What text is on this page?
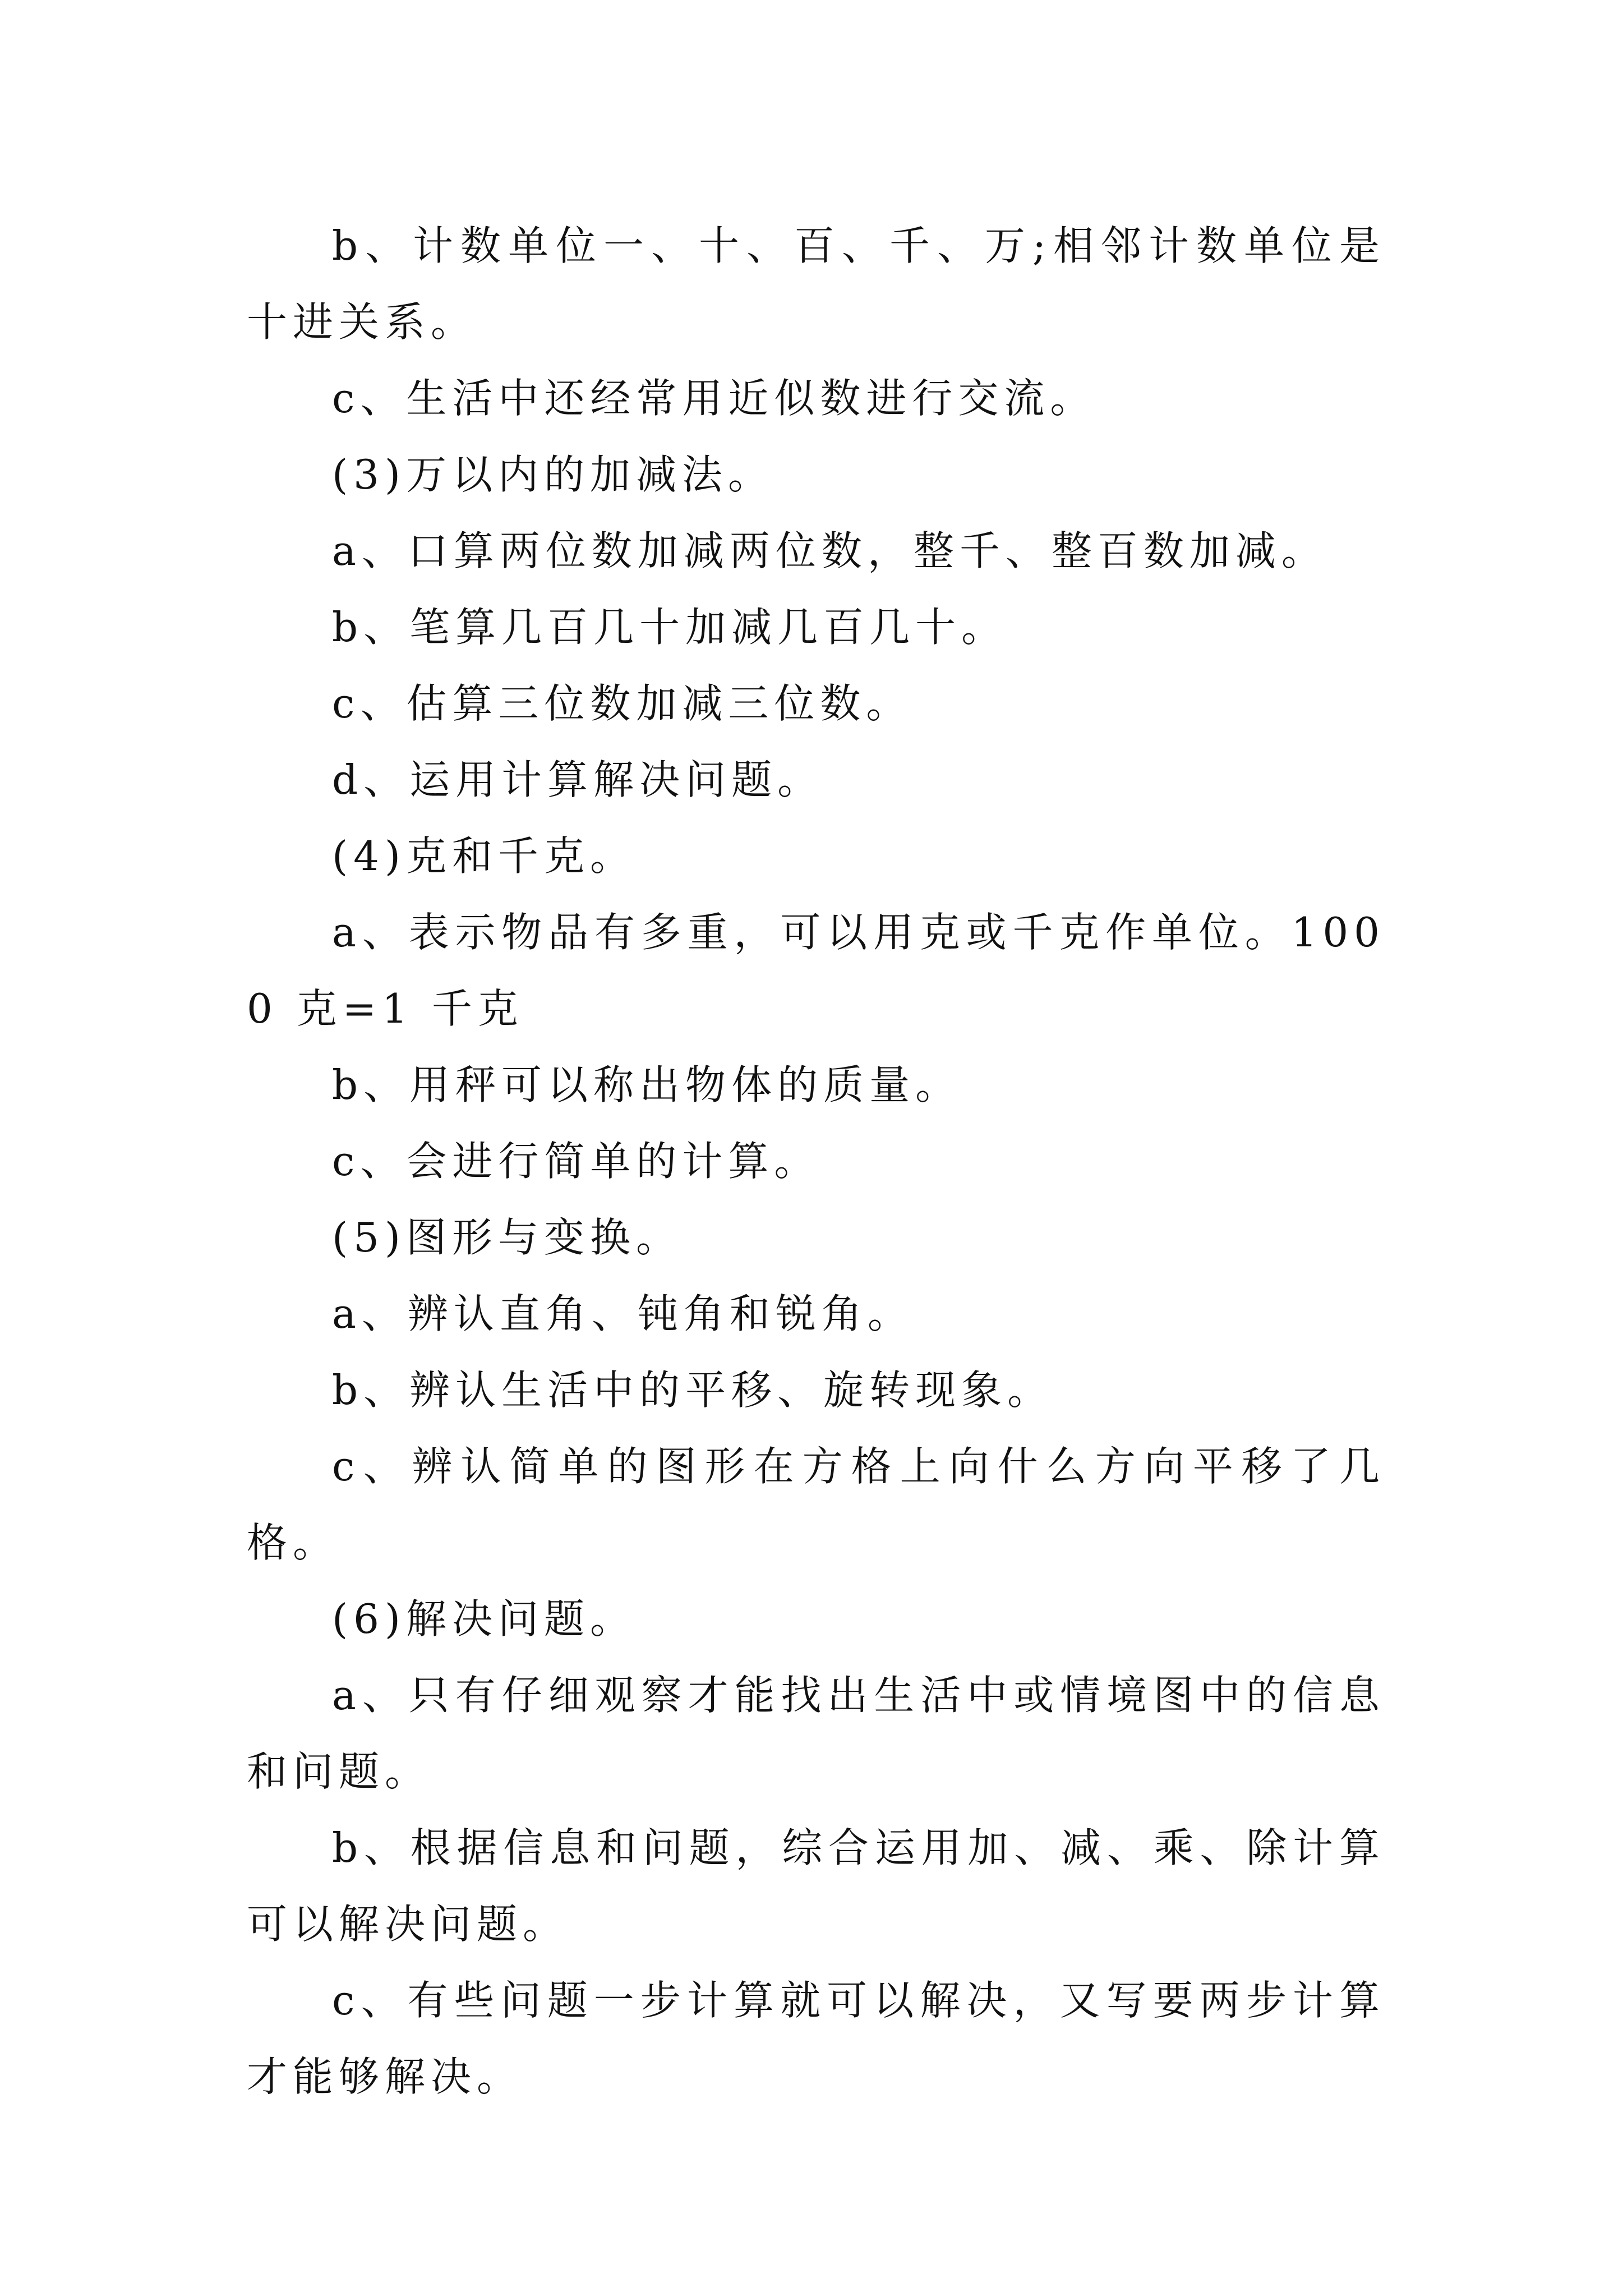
b、计数单位一、十、百、千、万;相邻计数单位是十进关系。

c、生活中还经常用近似数进行交流。

(3)万以内的加减法。

a、口算两位数加减两位数，整千、整百数加减。

b、笔算几百几十加减几百几十。

c、估算三位数加减三位数。

d、运用计算解决问题。

(4)克和千克。

a、表示物品有多重，可以用克或千克作单位。1000 克=1 千克

b、用秤可以称出物体的质量。

c、会进行简单的计算。

(5)图形与变换。

a、辨认直角、钝角和锐角。

b、辨认生活中的平移、旋转现象。

c、辨认简单的图形在方格上向什么方向平移了几格。

(6)解决问题。

a、只有仔细观察才能找出生活中或情境图中的信息和问题。

b、根据信息和问题，综合运用加、减、乘、除计算可以解决问题。

c、有些问题一步计算就可以解决，又写要两步计算才能够解决。
